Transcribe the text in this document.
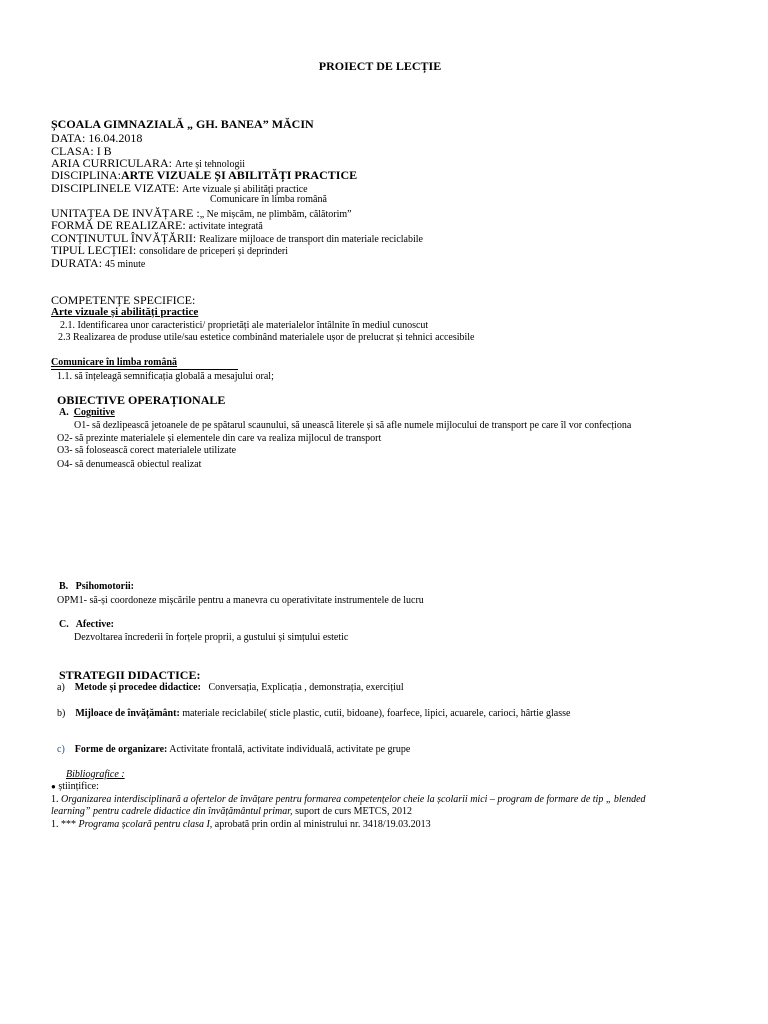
PROIECT DE LECȚIE
ȘCOALA GIMNAZIALĂ „ GH. BANEA” MĂCIN
DATA: 16.04.2018
CLASA: I B
ARIA CURRICULARA: Arte și tehnologii
DISCIPLINA:ARTE VIZUALE ȘI ABILITĂȚI PRACTICE
DISCIPLINELE VIZATE: Arte vizuale și abilități practice
Comunicare în limba română
UNITAȚEA DE INVĂȚARE :„ Ne mișcăm, ne plimbăm, călătorim”
FORMĂ DE REALIZARE: activitate integrată
CONȚINUTUL ÎNVĂȚĂRII: Realizare mijloace de transport din materiale reciclabile
TIPUL LECȚIEI: consolidare de priceperi și deprinderi
DURATA: 45 minute
COMPETENȚE SPECIFICE:
Arte vizuale și abilități practice
2.1. Identificarea unor caracteristici/ proprietăți ale materialelor întâlnite în mediul cunoscut
2.3 Realizarea de produse utile/sau estetice combinând materialele ușor de prelucrat și tehnici accesibile
Comunicare în limba română
1.1. să înțeleagă semnificația globală a mesajului oral;
OBIECTIVE OPERAȚIONALE
A. Cognitive
O1- să dezlipească jetoanele de pe spătarul scaunului, să unească literele și să afle numele mijlocului de transport pe care îl vor confecționa
O2- să prezinte materialele și elementele din care va realiza mijlocul de transport
O3- să folosească corect materialele utilizate
O4- să denumească obiectul realizat
B. Psihomotorii:
OPM1- să-și coordoneze mișcările pentru a manevra cu operativitate instrumentele de lucru
C. Afective:
Dezvoltarea încrederii în forțele proprii, a gustului și simțului estetic
STRATEGII DIDACTICE:
a) Metode și procedee didactice: Conversația, Explicația , demonstrația, exercițiul
b) Mijloace de învățământ: materiale reciclabile( sticle plastic, cutii, bidoane), foarfece, lipici, acuarele, carioci, hârtie glasse
c) Forme de organizare: Activitate frontală, activitate individuală, activitate pe grupe
Bibliografice :
● științifice:
1. Organizarea interdisciplinară a ofertelor de învățare pentru formarea competențelor cheie la școlarii mici – program de formare de tip „ blended
learning” pentru cadrele didactice din învățământul primar, suport de curs METCS, 2012
1. *** Programa școlară pentru clasa I, aprobată prin ordin al ministrului nr. 3418/19.03.2013
